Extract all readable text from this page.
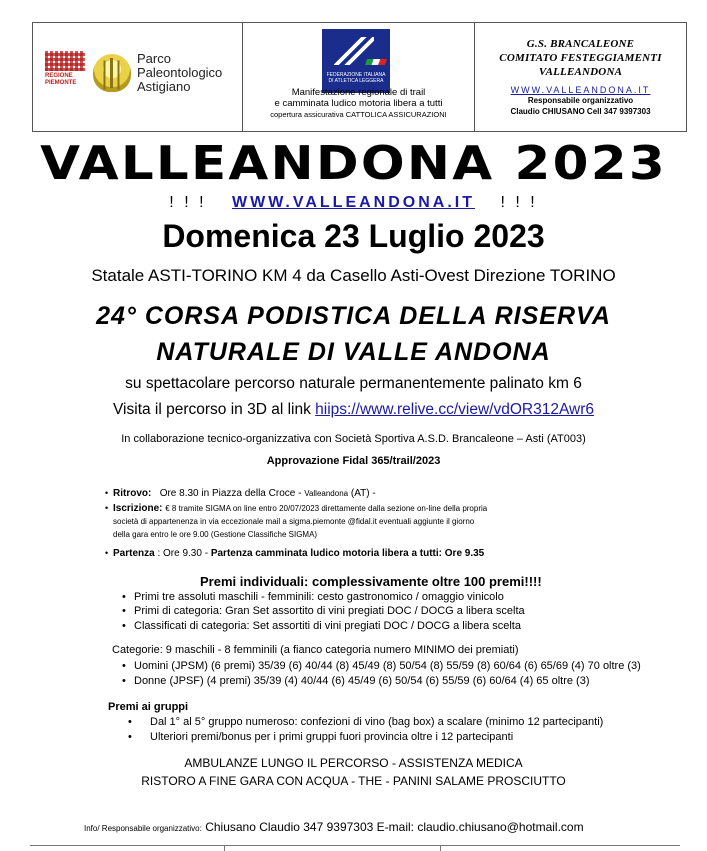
REGIONE
PIEMONTE
Parco
Paleontologico
Astigiano
FEDERAZIONE ITALIANA
DI ATLETICA LEGGERA
Manifestazione regionale di trail
e camminata ludico motoria libera a tutti
copertura assicurativa CATTOLICA ASSICURAZIONI
G.S. BRANCALEONE
COMITATO FESTEGGIAMENTI
VALLEANDONA
WWW.VALLEANDONA.IT
Responsabile organizzativo
Claudio CHIUSANO Cell 347 9397303
VALLEANDONA 2023
! ! ! WWW.VALLEANDONA.IT ! ! !
Domenica 23 Luglio 2023
Statale ASTI-TORINO KM 4 da Casello Asti-Ovest Direzione TORINO
24° CORSA PODISTICA DELLA RISERVA
NATURALE DI VALLE ANDONA
su spettacolare percorso naturale permanentemente palinato km 6
Visita il percorso in 3D al link hiips://www.relive.cc/view/vdOR312Awr6
In collaborazione tecnico-organizzativa con Società Sportiva A.S.D. Brancaleone – Asti (AT003)
Approvazione Fidal 365/trail/2023
• Ritrovo: Ore 8.30 in Piazza della Croce - Valleandona (AT) -
• Iscrizione: € 8 tramite SIGMA on line entro 20/07/2023 direttamente dalla sezione on-line della propria
società di appartenenza in via eccezionale mail a sigma.piemonte @fidal.it eventuali aggiunte il giorno
della gara entro le ore 9.00 (Gestione Classifiche SIGMA)
• Partenza : Ore 9.30 - Partenza camminata ludico motoria libera a tutti: Ore 9.35
Premi individuali: complessivamente oltre 100 premi!!!!
• Primi tre assoluti maschili - femminili: cesto gastronomico / omaggio vinicolo
• Primi di categoria: Gran Set assortito di vini pregiati DOC / DOCG a libera scelta
• Classificati di categoria: Set assortiti di vini pregiati DOC / DOCG a libera scelta
Categorie: 9 maschili - 8 femminili (a fianco categoria numero MINIMO dei premiati)
• Uomini (JPSM) (6 premi) 35/39 (6) 40/44 (8) 45/49 (8) 50/54 (8) 55/59 (8) 60/64 (6) 65/69 (4) 70 oltre (3)
• Donne (JPSF) (4 premi) 35/39 (4) 40/44 (6) 45/49 (6) 50/54 (6) 55/59 (6) 60/64 (4) 65 oltre (3)
Premi ai gruppi
• Dal 1° al 5° gruppo numeroso: confezioni di vino (bag box) a scalare (minimo 12 partecipanti)
• Ulteriori premi/bonus per i primi gruppi fuori provincia oltre i 12 partecipanti
AMBULANZE LUNGO IL PERCORSO - ASSISTENZA MEDICA
RISTORO A FINE GARA CON ACQUA - THE - PANINI SALAME PROSCIUTTO
Info/ Responsabile organizzativo: Chiusano Claudio 347 9397303 E-mail: claudio.chiusano@hotmail.com
